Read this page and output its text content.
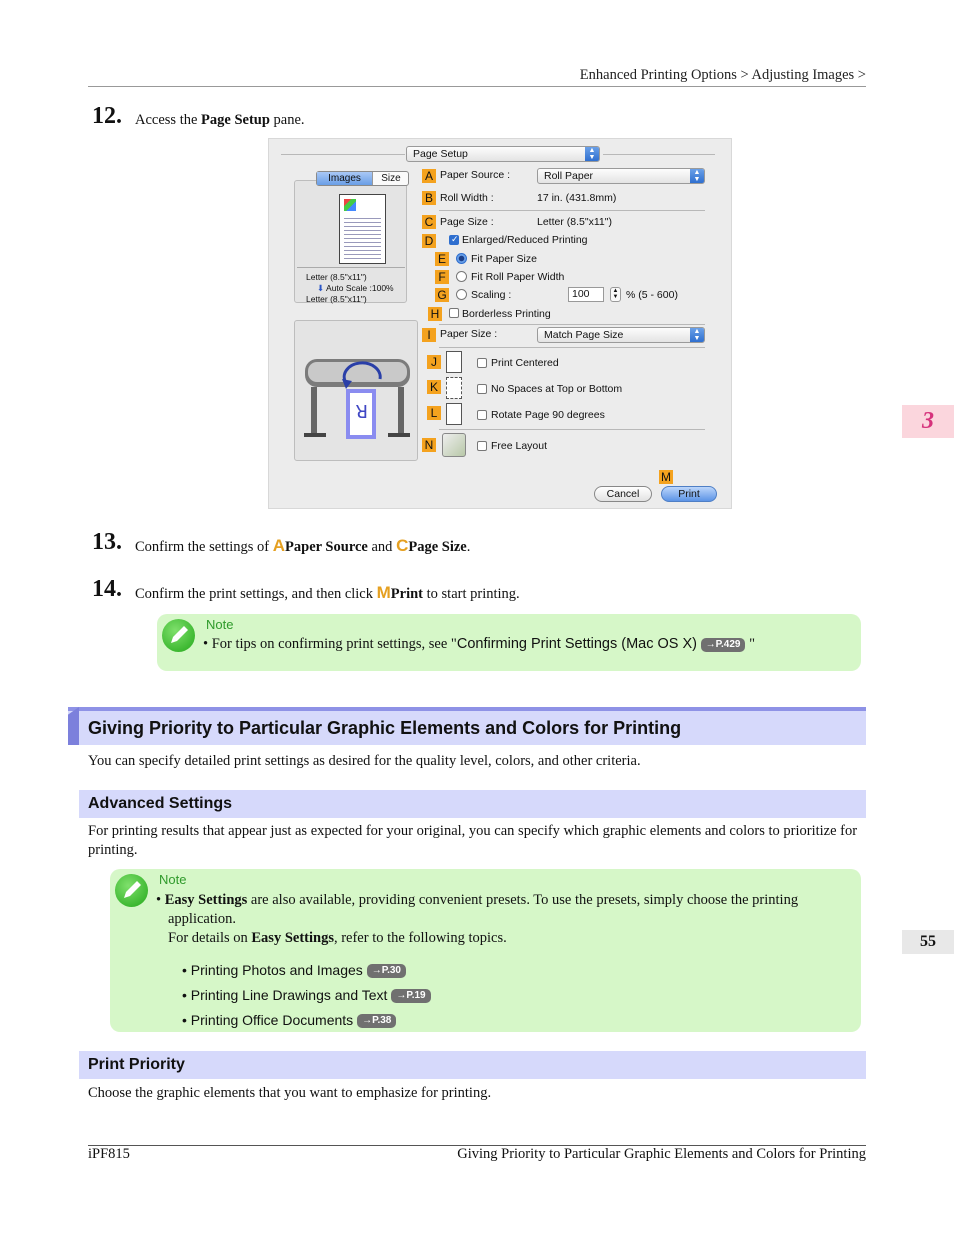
Enhanced Printing Options > Adjusting Images >
12. Access the Page Setup pane.
Page Setup	▲
▼
Images	Size
Letter (8.5"x11")
⬇ Auto Scale :100%
Letter (8.5"x11")
R
A Paper Source :	Roll Paper	▲
▼
B Roll Width :	17 in. (431.8mm)
C Page Size :	Letter (8.5"x11")
D
✓	Enlarged/Reduced Printing
E Fit Paper Size
F	Fit Roll Paper Width
G Scaling :	100	▲
▼ % (5 - 600)
H Borderless Printing
I Paper Size :	Match Page Size	▲
▼
J	Print Centered
K	No Spaces at Top or Bottom
L	Rotate Page 90 degrees
N	Free Layout
M
Cancel	Print
13. Confirm the settings of APaper Source and CPage Size.
14. Confirm the print settings, and then click MPrint to start printing.
Note
• For tips on confirming print settings, see "Confirming Print Settings (Mac OS X) →P.429 "
Giving Priority to Particular Graphic Elements and Colors for Printing
You can specify detailed print settings as desired for the quality level, colors, and other criteria.
Advanced Settings
For printing results that appear just as expected for your original, you can specify which graphic elements and colors to prioritize for printing.
Note
• Easy Settings are also available, providing convenient presets. To use the presets, simply choose the printing application.
For details on Easy Settings, refer to the following topics.
• Printing Photos and Images →P.30
• Printing Line Drawings and Text →P.19
• Printing Office Documents →P.38
Print Priority
Choose the graphic elements that you want to emphasize for printing.
3
55
iPF815	Giving Priority to Particular Graphic Elements and Colors for Printing
